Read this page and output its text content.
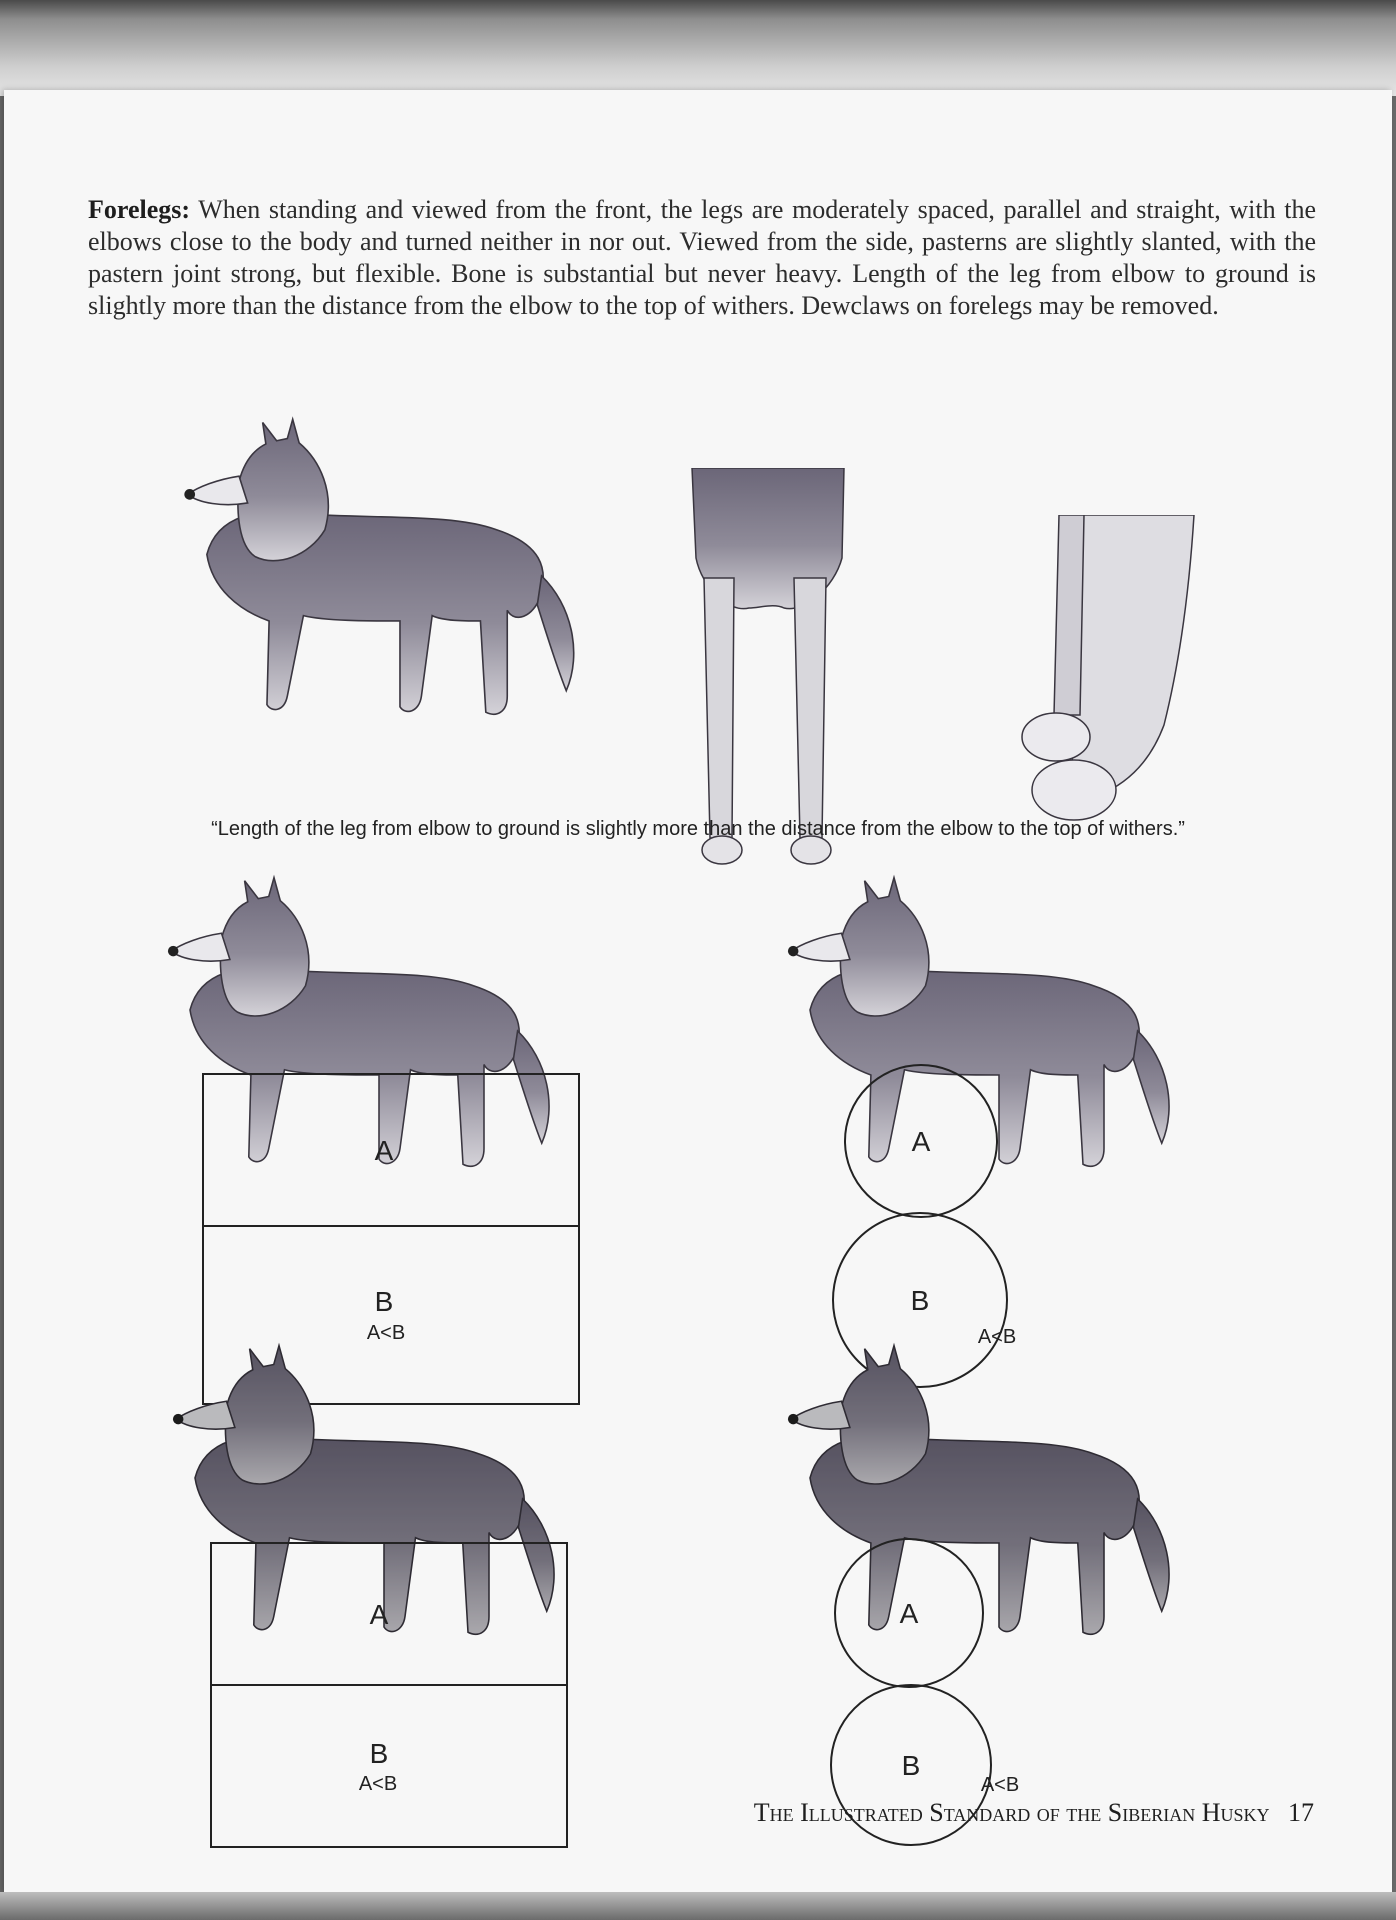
Forelegs: When standing and viewed from the front, the legs are moderately spaced, parallel and straight, with the elbows close to the body and turned neither in nor out. Viewed from the side, pasterns are slightly slanted, with the pastern joint strong, but flexible. Bone is substantial but never heavy. Length of the leg from elbow to ground is slightly more than the distance from the elbow to the top of withers. Dewclaws on forelegs may be removed.

“Length of the leg from elbow to ground is slightly more than the distance from the elbow to the top of withers.”
A
B
A<B
A
B
A<B
A
B
A<B
A
B
A<B
The Illustrated Standard of the Siberian Husky 17
